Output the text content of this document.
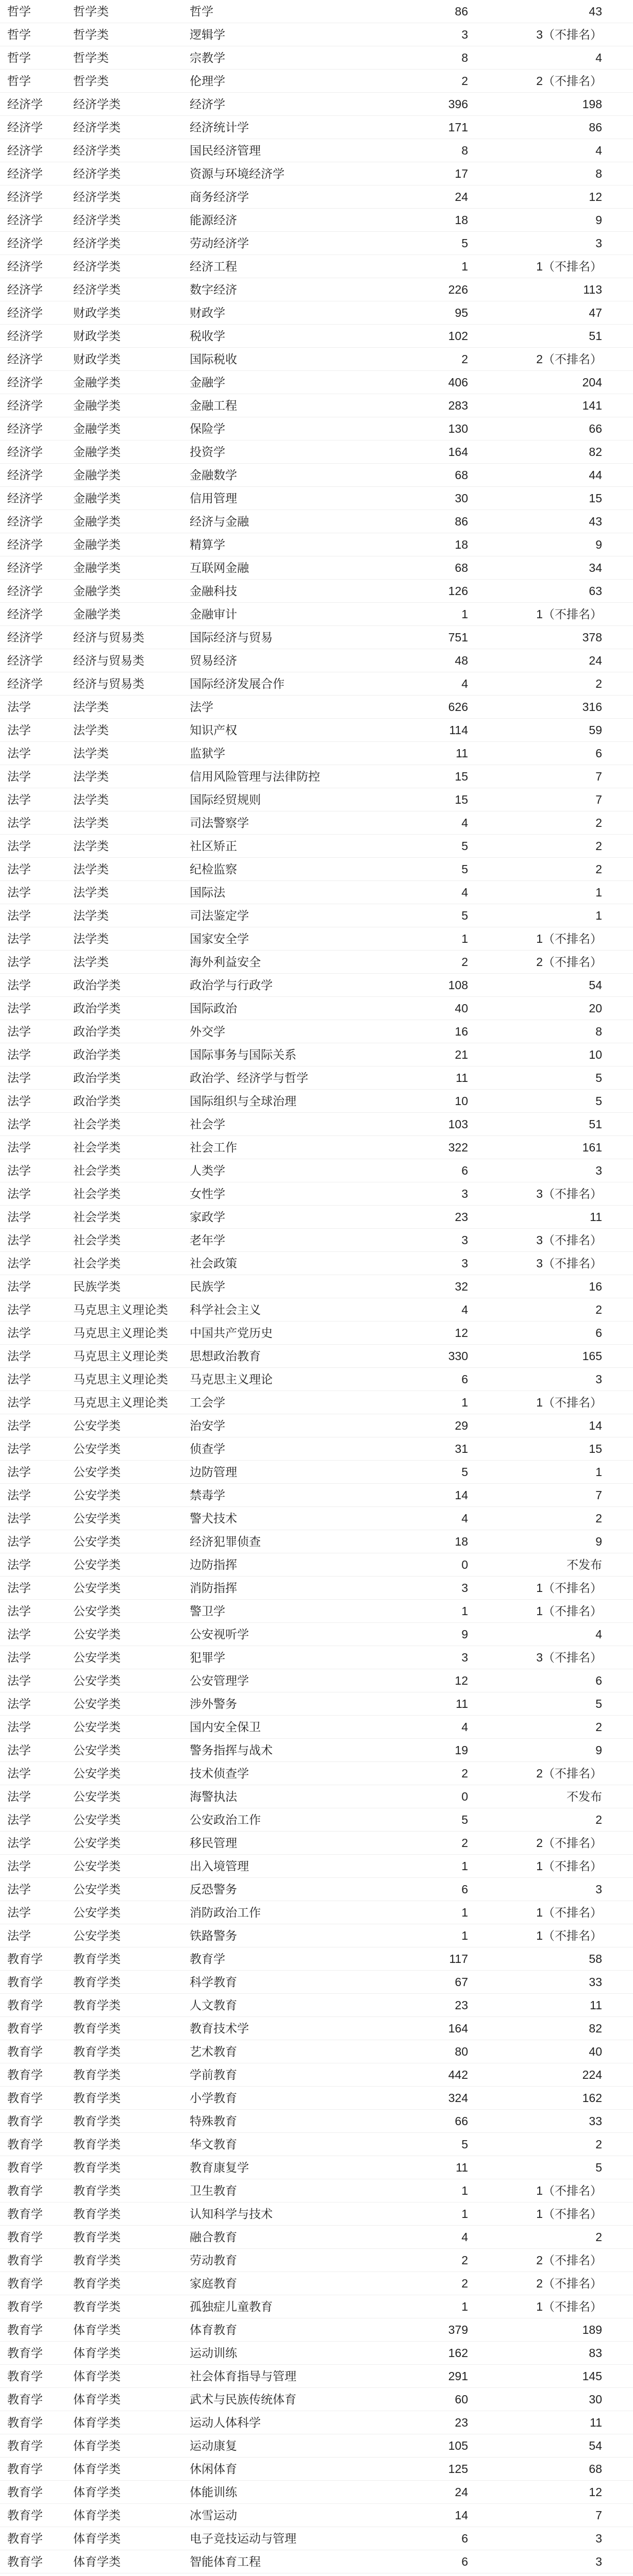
哲学	哲学类	哲学	86	43
哲学	哲学类	逻辑学	3	3（不排名）
哲学	哲学类	宗教学	8	4
哲学	哲学类	伦理学	2	2（不排名）
经济学	经济学类	经济学	396	198
经济学	经济学类	经济统计学	171	86
经济学	经济学类	国民经济管理	8	4
经济学	经济学类	资源与环境经济学	17	8
经济学	经济学类	商务经济学	24	12
经济学	经济学类	能源经济	18	9
经济学	经济学类	劳动经济学	5	3
经济学	经济学类	经济工程	1	1（不排名）
经济学	经济学类	数字经济	226	113
经济学	财政学类	财政学	95	47
经济学	财政学类	税收学	102	51
经济学	财政学类	国际税收	2	2（不排名）
经济学	金融学类	金融学	406	204
经济学	金融学类	金融工程	283	141
经济学	金融学类	保险学	130	66
经济学	金融学类	投资学	164	82
经济学	金融学类	金融数学	68	44
经济学	金融学类	信用管理	30	15
经济学	金融学类	经济与金融	86	43
经济学	金融学类	精算学	18	9
经济学	金融学类	互联网金融	68	34
经济学	金融学类	金融科技	126	63
经济学	金融学类	金融审计	1	1（不排名）
经济学	经济与贸易类	国际经济与贸易	751	378
经济学	经济与贸易类	贸易经济	48	24
经济学	经济与贸易类	国际经济发展合作	4	2
法学	法学类	法学	626	316
法学	法学类	知识产权	114	59
法学	法学类	监狱学	11	6
法学	法学类	信用风险管理与法律防控	15	7
法学	法学类	国际经贸规则	15	7
法学	法学类	司法警察学	4	2
法学	法学类	社区矫正	5	2
法学	法学类	纪检监察	5	2
法学	法学类	国际法	4	1
法学	法学类	司法鉴定学	5	1
法学	法学类	国家安全学	1	1（不排名）
法学	法学类	海外利益安全	2	2（不排名）
法学	政治学类	政治学与行政学	108	54
法学	政治学类	国际政治	40	20
法学	政治学类	外交学	16	8
法学	政治学类	国际事务与国际关系	21	10
法学	政治学类	政治学、经济学与哲学	11	5
法学	政治学类	国际组织与全球治理	10	5
法学	社会学类	社会学	103	51
法学	社会学类	社会工作	322	161
法学	社会学类	人类学	6	3
法学	社会学类	女性学	3	3（不排名）
法学	社会学类	家政学	23	11
法学	社会学类	老年学	3	3（不排名）
法学	社会学类	社会政策	3	3（不排名）
法学	民族学类	民族学	32	16
法学	马克思主义理论类	科学社会主义	4	2
法学	马克思主义理论类	中国共产党历史	12	6
法学	马克思主义理论类	思想政治教育	330	165
法学	马克思主义理论类	马克思主义理论	6	3
法学	马克思主义理论类	工会学	1	1（不排名）
法学	公安学类	治安学	29	14
法学	公安学类	侦查学	31	15
法学	公安学类	边防管理	5	1
法学	公安学类	禁毒学	14	7
法学	公安学类	警犬技术	4	2
法学	公安学类	经济犯罪侦查	18	9
法学	公安学类	边防指挥	0	不发布
法学	公安学类	消防指挥	3	1（不排名）
法学	公安学类	警卫学	1	1（不排名）
法学	公安学类	公安视听学	9	4
法学	公安学类	犯罪学	3	3（不排名）
法学	公安学类	公安管理学	12	6
法学	公安学类	涉外警务	11	5
法学	公安学类	国内安全保卫	4	2
法学	公安学类	警务指挥与战术	19	9
法学	公安学类	技术侦查学	2	2（不排名）
法学	公安学类	海警执法	0	不发布
法学	公安学类	公安政治工作	5	2
法学	公安学类	移民管理	2	2（不排名）
法学	公安学类	出入境管理	1	1（不排名）
法学	公安学类	反恐警务	6	3
法学	公安学类	消防政治工作	1	1（不排名）
法学	公安学类	铁路警务	1	1（不排名）
教育学	教育学类	教育学	117	58
教育学	教育学类	科学教育	67	33
教育学	教育学类	人文教育	23	11
教育学	教育学类	教育技术学	164	82
教育学	教育学类	艺术教育	80	40
教育学	教育学类	学前教育	442	224
教育学	教育学类	小学教育	324	162
教育学	教育学类	特殊教育	66	33
教育学	教育学类	华文教育	5	2
教育学	教育学类	教育康复学	11	5
教育学	教育学类	卫生教育	1	1（不排名）
教育学	教育学类	认知科学与技术	1	1（不排名）
教育学	教育学类	融合教育	4	2
教育学	教育学类	劳动教育	2	2（不排名）
教育学	教育学类	家庭教育	2	2（不排名）
教育学	教育学类	孤独症儿童教育	1	1（不排名）
教育学	体育学类	体育教育	379	189
教育学	体育学类	运动训练	162	83
教育学	体育学类	社会体育指导与管理	291	145
教育学	体育学类	武术与民族传统体育	60	30
教育学	体育学类	运动人体科学	23	11
教育学	体育学类	运动康复	105	54
教育学	体育学类	休闲体育	125	68
教育学	体育学类	体能训练	24	12
教育学	体育学类	冰雪运动	14	7
教育学	体育学类	电子竞技运动与管理	6	3
教育学	体育学类	智能体育工程	6	3
